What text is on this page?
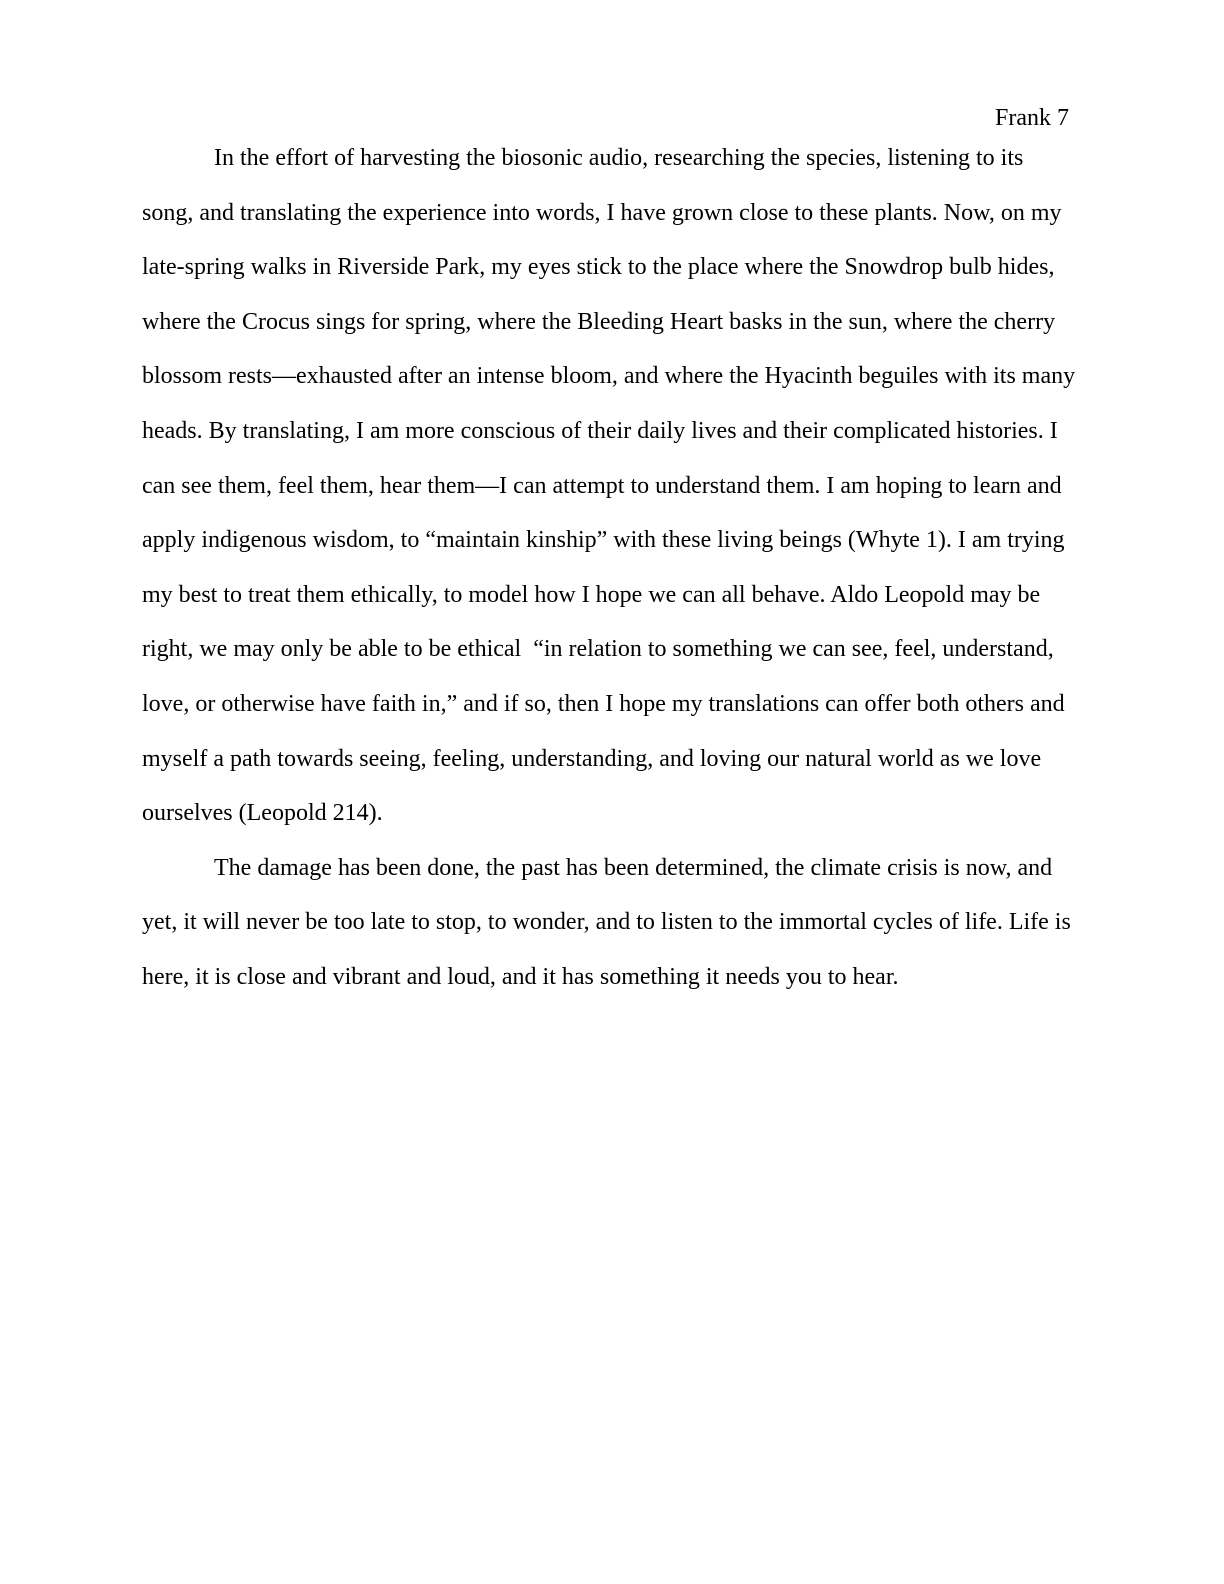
Frank 7
In the effort of harvesting the biosonic audio, researching the species, listening to its
song, and translating the experience into words, I have grown close to these plants. Now, on my
late-spring walks in Riverside Park, my eyes stick to the place where the Snowdrop bulb hides,
where the Crocus sings for spring, where the Bleeding Heart basks in the sun, where the cherry
blossom rests—exhausted after an intense bloom, and where the Hyacinth beguiles with its many
heads. By translating, I am more conscious of their daily lives and their complicated histories. I
can see them, feel them, hear them—I can attempt to understand them. I am hoping to learn and
apply indigenous wisdom, to “maintain kinship” with these living beings (Whyte 1). I am trying
my best to treat them ethically, to model how I hope we can all behave. Aldo Leopold may be
right, we may only be able to be ethical  “in relation to something we can see, feel, understand,
love, or otherwise have faith in,” and if so, then I hope my translations can offer both others and
myself a path towards seeing, feeling, understanding, and loving our natural world as we love
ourselves (Leopold 214).
The damage has been done, the past has been determined, the climate crisis is now, and
yet, it will never be too late to stop, to wonder, and to listen to the immortal cycles of life. Life is
here, it is close and vibrant and loud, and it has something it needs you to hear.
